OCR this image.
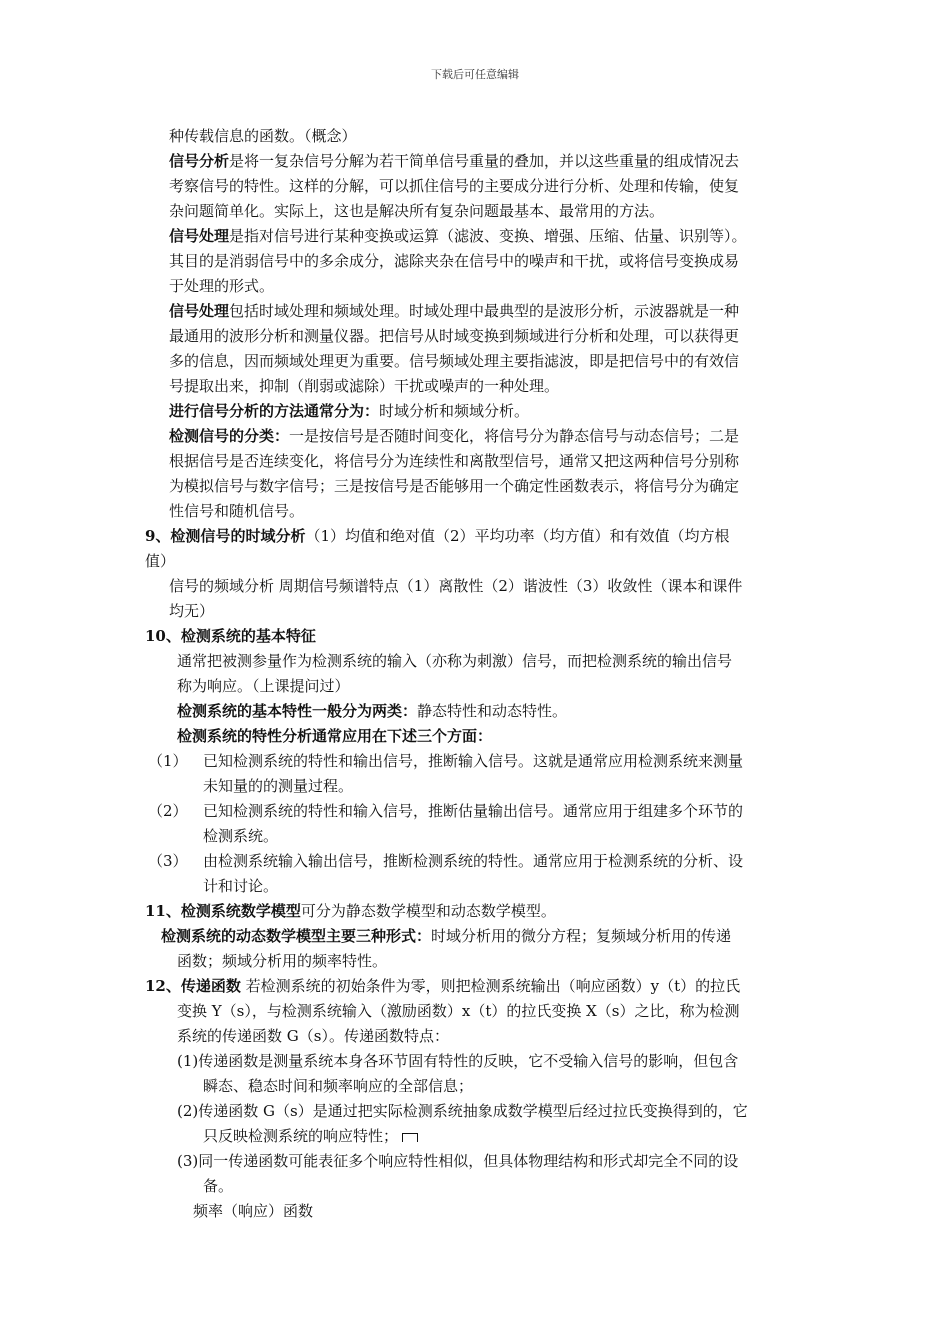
下载后可任意编辑
种传载信息的函数。（概念）
信号分析是将一复杂信号分解为若干简单信号重量的叠加，并以这些重量的组成情况去
考察信号的特性。这样的分解，可以抓住信号的主要成分进行分析、处理和传输，使复
杂问题简单化。实际上，这也是解决所有复杂问题最基本、最常用的方法。
信号处理是指对信号进行某种变换或运算（滤波、变换、增强、压缩、估量、识别等）。
其目的是消弱信号中的多余成分，滤除夹杂在信号中的噪声和干扰，或将信号变换成易
于处理的形式。
信号处理包括时域处理和频域处理。时域处理中最典型的是波形分析，示波器就是一种
最通用的波形分析和测量仪器。把信号从时域变换到频域进行分析和处理，可以获得更
多的信息，因而频域处理更为重要。信号频域处理主要指滤波，即是把信号中的有效信
号提取出来，抑制（削弱或滤除）干扰或噪声的一种处理。
进行信号分析的方法通常分为：时域分析和频域分析。
检测信号的分类：一是按信号是否随时间变化，将信号分为静态信号与动态信号；二是
根据信号是否连续变化，将信号分为连续性和离散型信号，通常又把这两种信号分别称
为模拟信号与数字信号；三是按信号是否能够用一个确定性函数表示，将信号分为确定
性信号和随机信号。
9、检测信号的时域分析（1）均值和绝对值（2）平均功率（均方值）和有效值（均方根
值）
信号的频域分析 周期信号频谱特点（1）离散性（2）谐波性（3）收敛性（课本和课件
均无）
10、检测系统的基本特征
通常把被测参量作为检测系统的输入（亦称为刺激）信号，而把检测系统的输出信号
称为响应。（上课提问过）
检测系统的基本特性一般分为两类：静态特性和动态特性。
检测系统的特性分析通常应用在下述三个方面：
（1） 已知检测系统的特性和输出信号，推断输入信号。这就是通常应用检测系统来测量
未知量的的测量过程。
（2） 已知检测系统的特性和输入信号，推断估量输出信号。通常应用于组建多个环节的
检测系统。
（3） 由检测系统输入输出信号，推断检测系统的特性。通常应用于检测系统的分析、设
计和讨论。
11、检测系统数学模型可分为静态数学模型和动态数学模型。
检测系统的动态数学模型主要三种形式：时域分析用的微分方程；复频域分析用的传递
函数；频域分析用的频率特性。
12、传递函数 若检测系统的初始条件为零，则把检测系统输出（响应函数）y（t）的拉氏
变换 Y（s），与检测系统输入（激励函数）x（t）的拉氏变换 X（s）之比，称为检测
系统的传递函数 G（s）。传递函数特点：
(1)传递函数是测量系统本身各环节固有特性的反映，它不受输入信号的影响，但包含
瞬态、稳态时间和频率响应的全部信息；
(2)传递函数 G（s）是通过把实际检测系统抽象成数学模型后经过拉氏变换得到的，它
只反映检测系统的响应特性；
(3)同一传递函数可能表征多个响应特性相似，但具体物理结构和形式却完全不同的设
备。
频率（响应）函数
